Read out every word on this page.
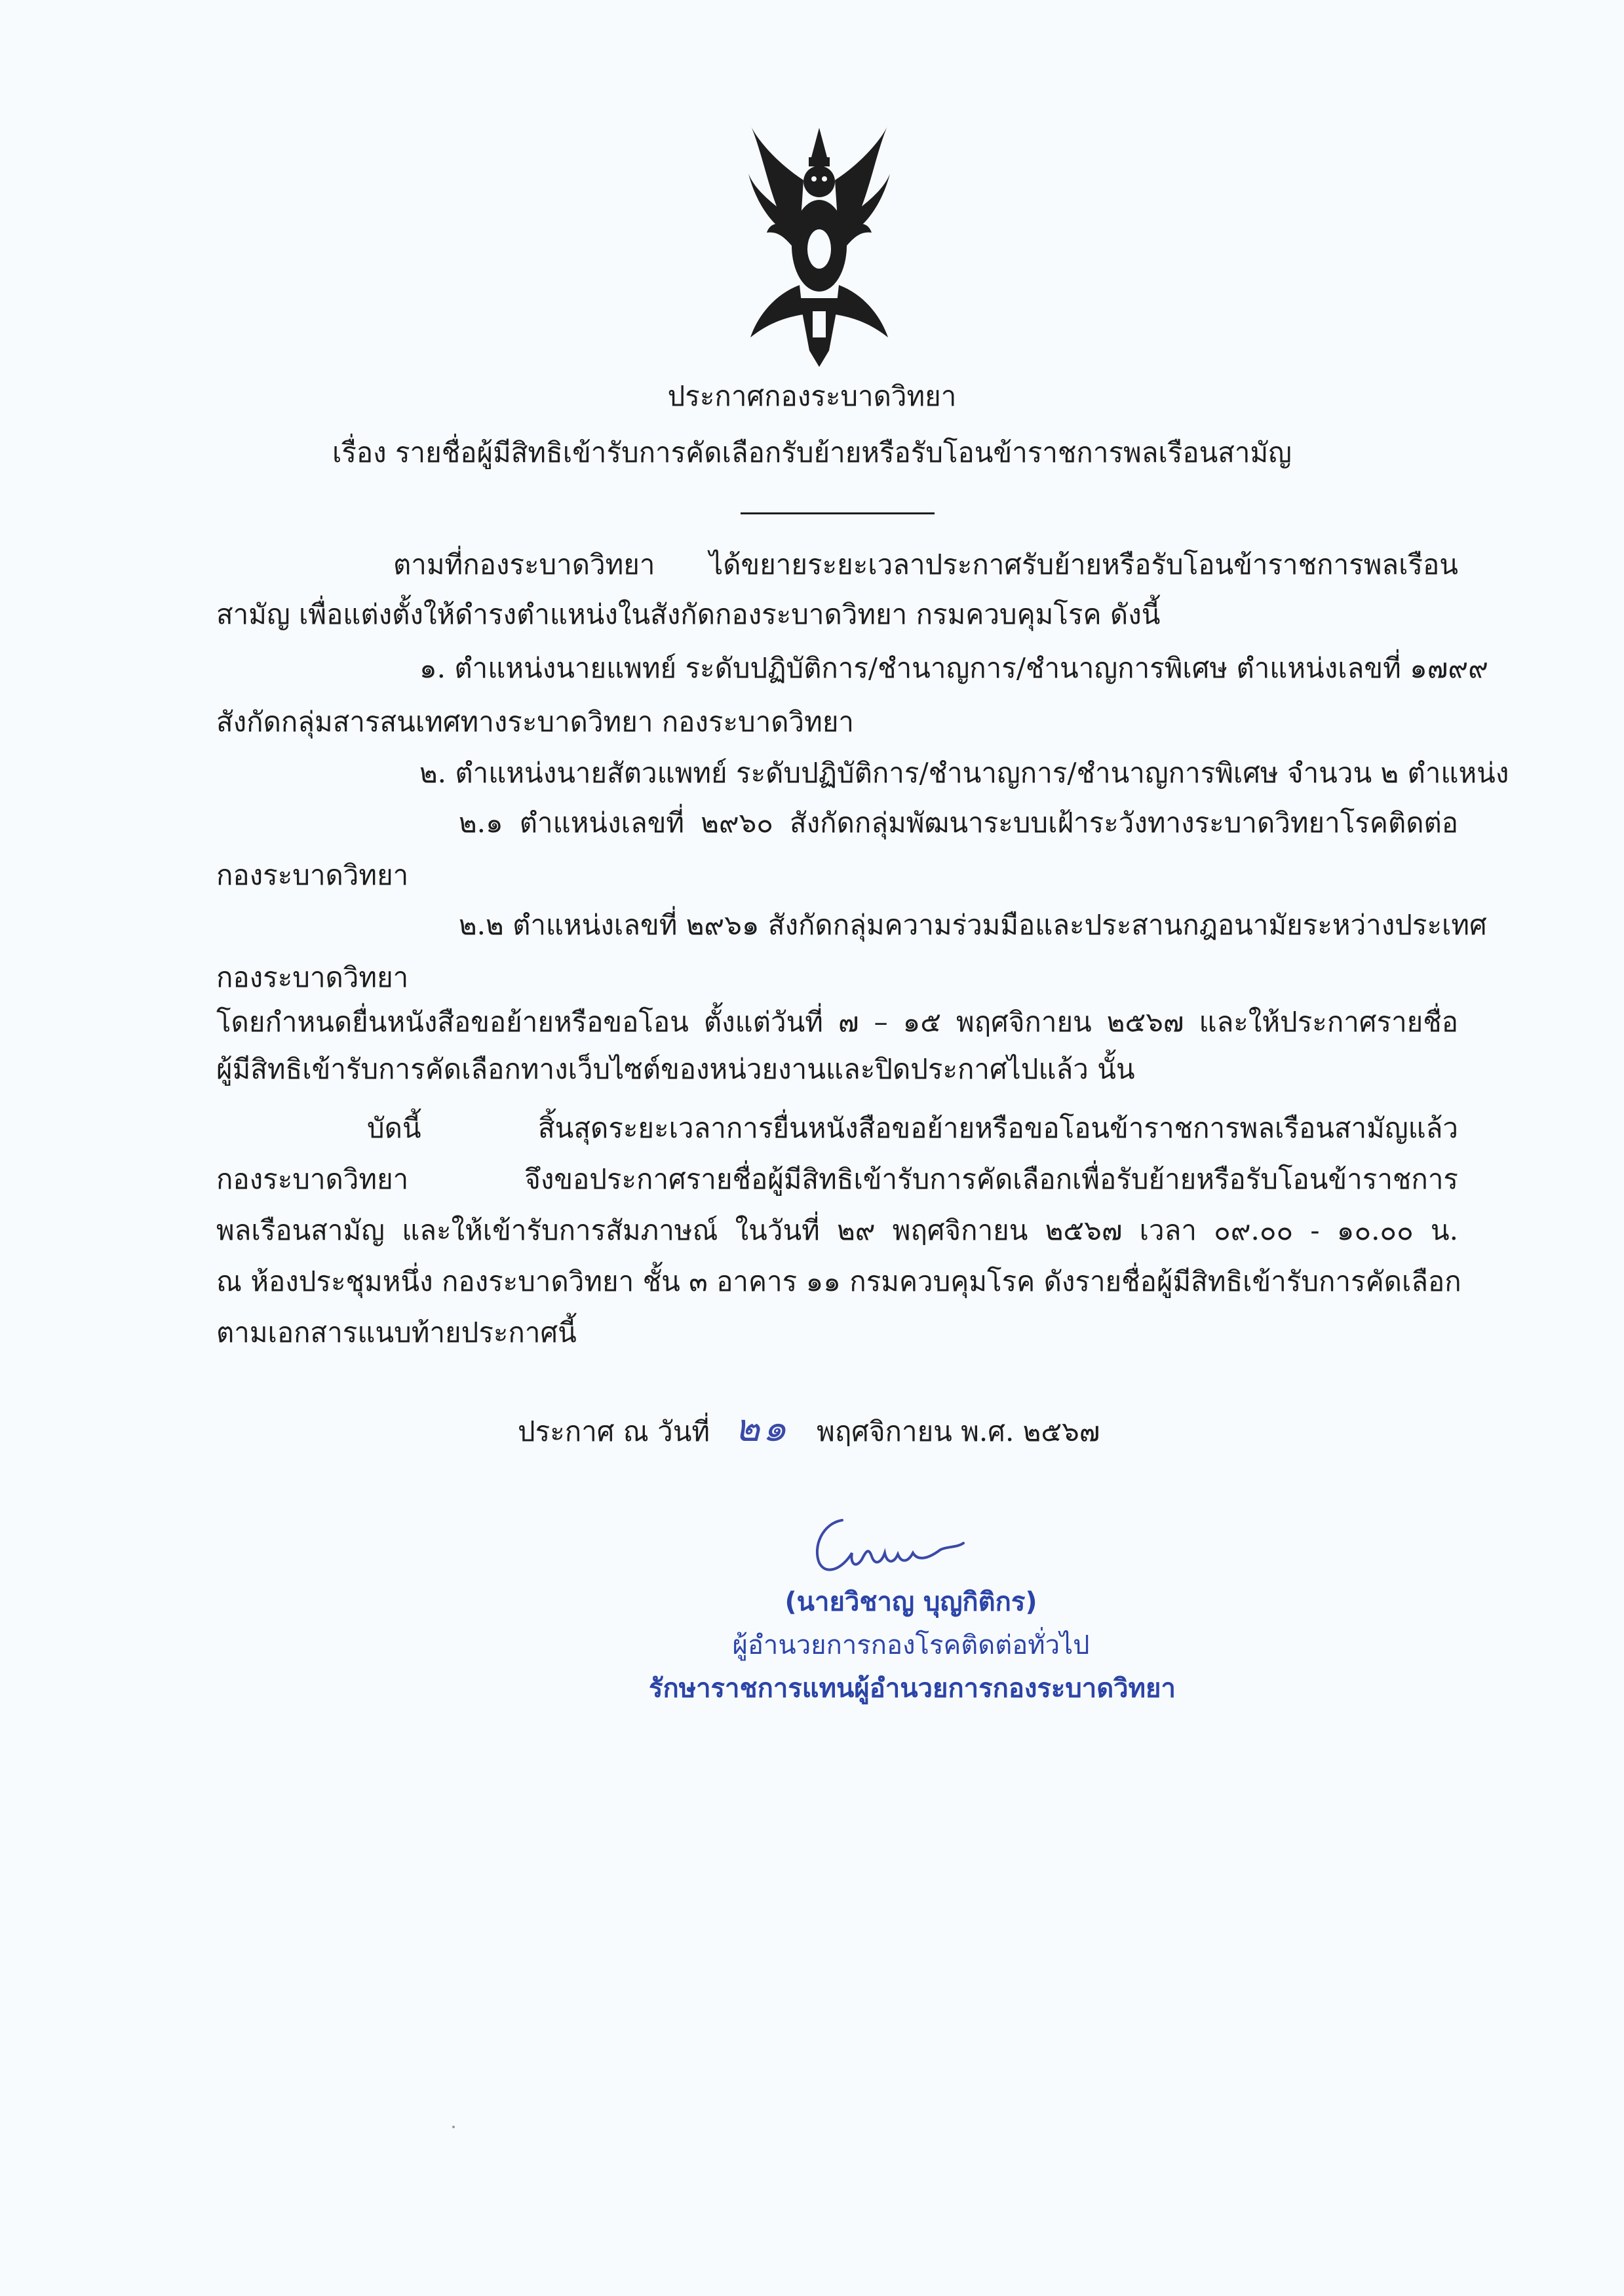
ประกาศกองระบาดวิทยา
เรื่อง รายชื่อผู้มีสิทธิเข้ารับการคัดเลือกรับย้ายหรือรับโอนข้าราชการพลเรือนสามัญ
ตามที่กองระบาดวิทยา ได้ขยายระยะเวลาประกาศรับย้ายหรือรับโอนข้าราชการพลเรือน
สามัญ เพื่อแต่งตั้งให้ดำรงตำแหน่งในสังกัดกองระบาดวิทยา กรมควบคุมโรค ดังนี้
๑. ตำแหน่งนายแพทย์ ระดับปฏิบัติการ/ชำนาญการ/ชำนาญการพิเศษ ตำแหน่งเลขที่ ๑๗๙๙
สังกัดกลุ่มสารสนเทศทางระบาดวิทยา กองระบาดวิทยา
๒. ตำแหน่งนายสัตวแพทย์ ระดับปฏิบัติการ/ชำนาญการ/ชำนาญการพิเศษ จำนวน ๒ ตำแหน่ง
๒.๑ ตำแหน่งเลขที่ ๒๙๖๐ สังกัดกลุ่มพัฒนาระบบเฝ้าระวังทางระบาดวิทยาโรคติดต่อ
กองระบาดวิทยา
๒.๒ ตำแหน่งเลขที่ ๒๙๖๑ สังกัดกลุ่มความร่วมมือและประสานกฎอนามัยระหว่างประเทศ
กองระบาดวิทยา
โดยกำหนดยื่นหนังสือขอย้ายหรือขอโอน ตั้งแต่วันที่ ๗ – ๑๕ พฤศจิกายน ๒๕๖๗ และให้ประกาศรายชื่อ
ผู้มีสิทธิเข้ารับการคัดเลือกทางเว็บไซต์ของหน่วยงานและปิดประกาศไปแล้ว นั้น
บัดนี้ สิ้นสุดระยะเวลาการยื่นหนังสือขอย้ายหรือขอโอนข้าราชการพลเรือนสามัญแล้ว
กองระบาดวิทยา จึงขอประกาศรายชื่อผู้มีสิทธิเข้ารับการคัดเลือกเพื่อรับย้ายหรือรับโอนข้าราชการ
พลเรือนสามัญ และให้เข้ารับการสัมภาษณ์ ในวันที่ ๒๙ พฤศจิกายน ๒๕๖๗ เวลา ๐๙.๐๐ - ๑๐.๐๐ น.
ณ ห้องประชุมหนึ่ง กองระบาดวิทยา ชั้น ๓ อาคาร ๑๑ กรมควบคุมโรค ดังรายชื่อผู้มีสิทธิเข้ารับการคัดเลือก
ตามเอกสารแนบท้ายประกาศนี้
ประกาศ ณ วันที่ ๒๑ พฤศจิกายน พ.ศ. ๒๕๖๗
(นายวิชาญ บุญกิติกร)
ผู้อำนวยการกองโรคติดต่อทั่วไป
รักษาราชการแทนผู้อำนวยการกองระบาดวิทยา
